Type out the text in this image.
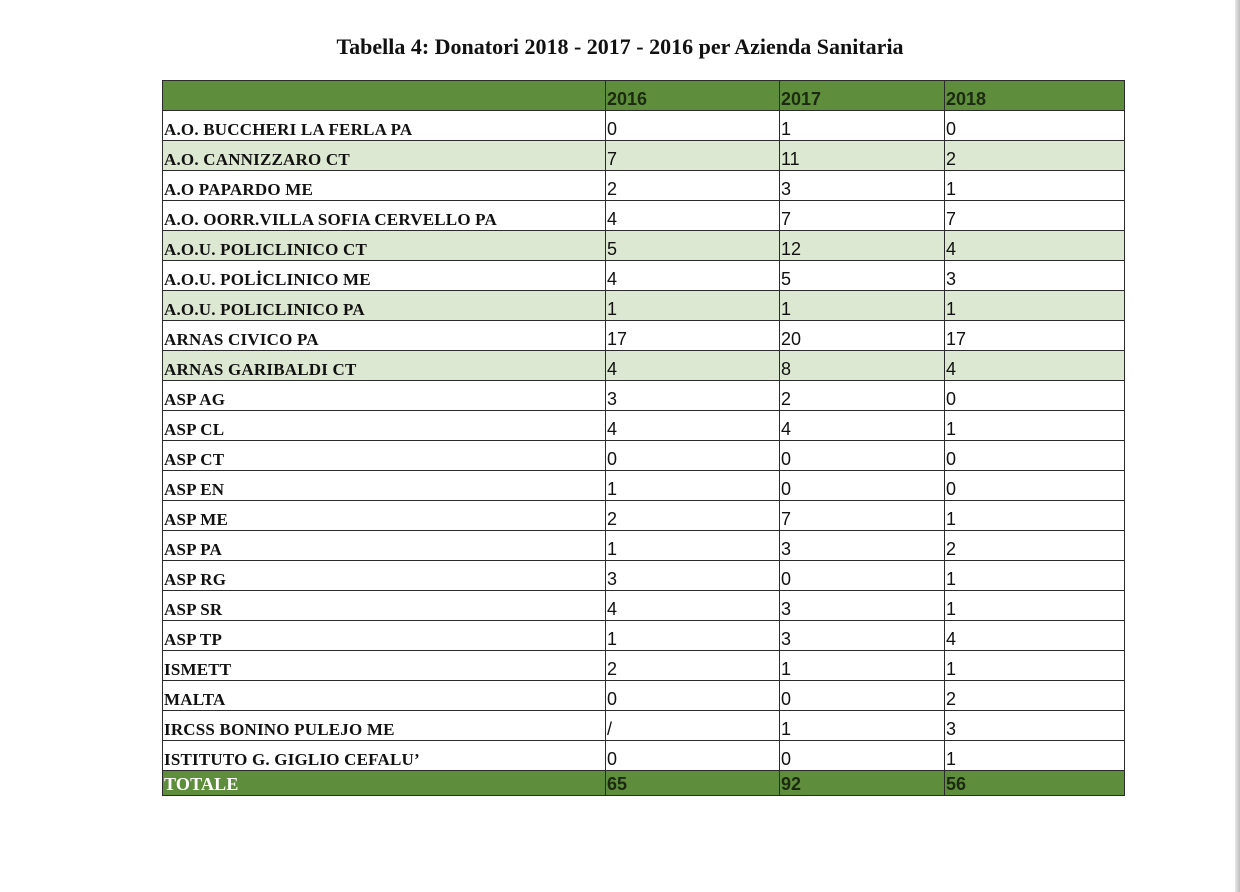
Tabella 4: Donatori 2018 - 2017 - 2016 per Azienda Sanitaria
	2016	2017	2018
A.O. BUCCHERI LA FERLA PA	0	1	0
A.O. CANNIZZARO CT	7	11	2
A.O PAPARDO ME	2	3	1
A.O. OORR.VILLA SOFIA CERVELLO PA	4	7	7
A.O.U. POLICLINICO CT	5	12	4
A.O.U. POLİCLINICO ME	4	5	3
A.O.U. POLICLINICO PA	1	1	1
ARNAS CIVICO PA	17	20	17
ARNAS GARIBALDI CT	4	8	4
ASP AG	3	2	0
ASP CL	4	4	1
ASP CT	0	0	0
ASP EN	1	0	0
ASP ME	2	7	1
ASP PA	1	3	2
ASP RG	3	0	1
ASP SR	4	3	1
ASP TP	1	3	4
ISMETT	2	1	1
MALTA	0	0	2
IRCSS BONINO PULEJO ME	/	1	3
ISTITUTO G. GIGLIO CEFALU’	0	0	1
TOTALE	65	92	56
